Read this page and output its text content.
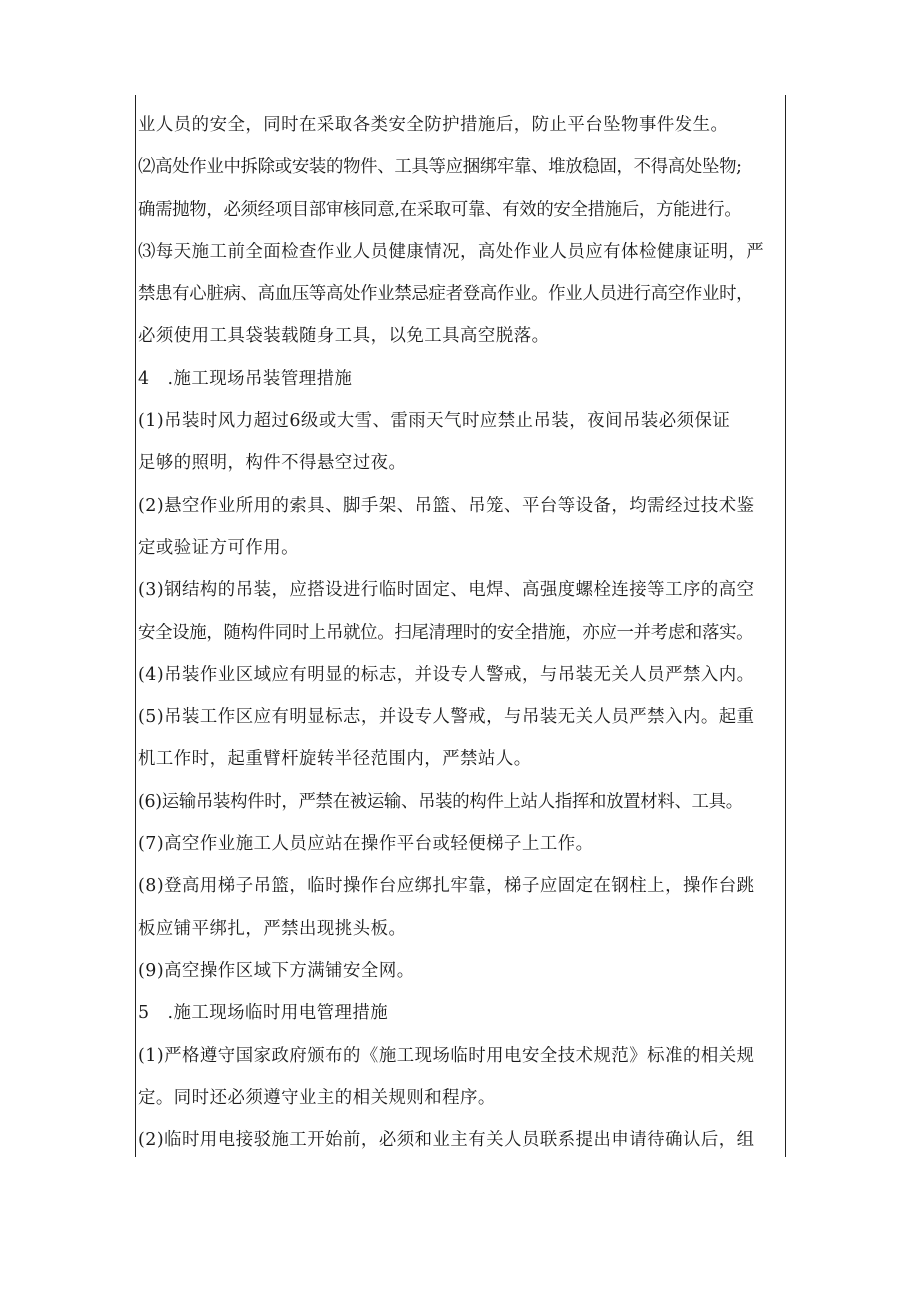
业人员的安全，同时在采取各类安全防护措施后，防止平台坠物事件发生。
⑵高处作业中拆除或安装的物件、工具等应捆绑牢靠、堆放稳固，不得高处坠物;
确需抛物，必须经项目部审核同意,在采取可靠、有效的安全措施后，方能进行。
⑶每天施工前全面检查作业人员健康情况，高处作业人员应有体检健康证明，严
禁患有心脏病、高血压等高处作业禁忌症者登高作业。作业人员进行高空作业时，
必须使用工具袋装载随身工具，以免工具高空脱落。
4　.施工现场吊装管理措施
(1)吊装时风力超过6级或大雪、雷雨天气时应禁止吊装，夜间吊装必须保证
足够的照明，构件不得悬空过夜。
(2)悬空作业所用的索具、脚手架、吊篮、吊笼、平台等设备，均需经过技术鉴
定或验证方可作用。
(3)钢结构的吊装，应搭设进行临时固定、电焊、高强度螺栓连接等工序的高空
安全设施，随构件同时上吊就位。扫尾清理时的安全措施，亦应一并考虑和落实。
(4)吊装作业区域应有明显的标志，并设专人警戒，与吊装无关人员严禁入内。
(5)吊装工作区应有明显标志，并设专人警戒，与吊装无关人员严禁入内。起重
机工作时，起重臂杆旋转半径范围内，严禁站人。
(6)运输吊装构件时，严禁在被运输、吊装的构件上站人指挥和放置材料、工具。
(7)高空作业施工人员应站在操作平台或轻便梯子上工作。
(8)登高用梯子吊篮，临时操作台应绑扎牢靠，梯子应固定在钢柱上，操作台跳
板应铺平绑扎，严禁出现挑头板。
(9)高空操作区域下方满铺安全网。
5　.施工现场临时用电管理措施
(1)严格遵守国家政府颁布的《施工现场临时用电安全技术规范》标准的相关规
定。同时还必须遵守业主的相关规则和程序。
(2)临时用电接驳施工开始前，必须和业主有关人员联系提出申请待确认后，组
